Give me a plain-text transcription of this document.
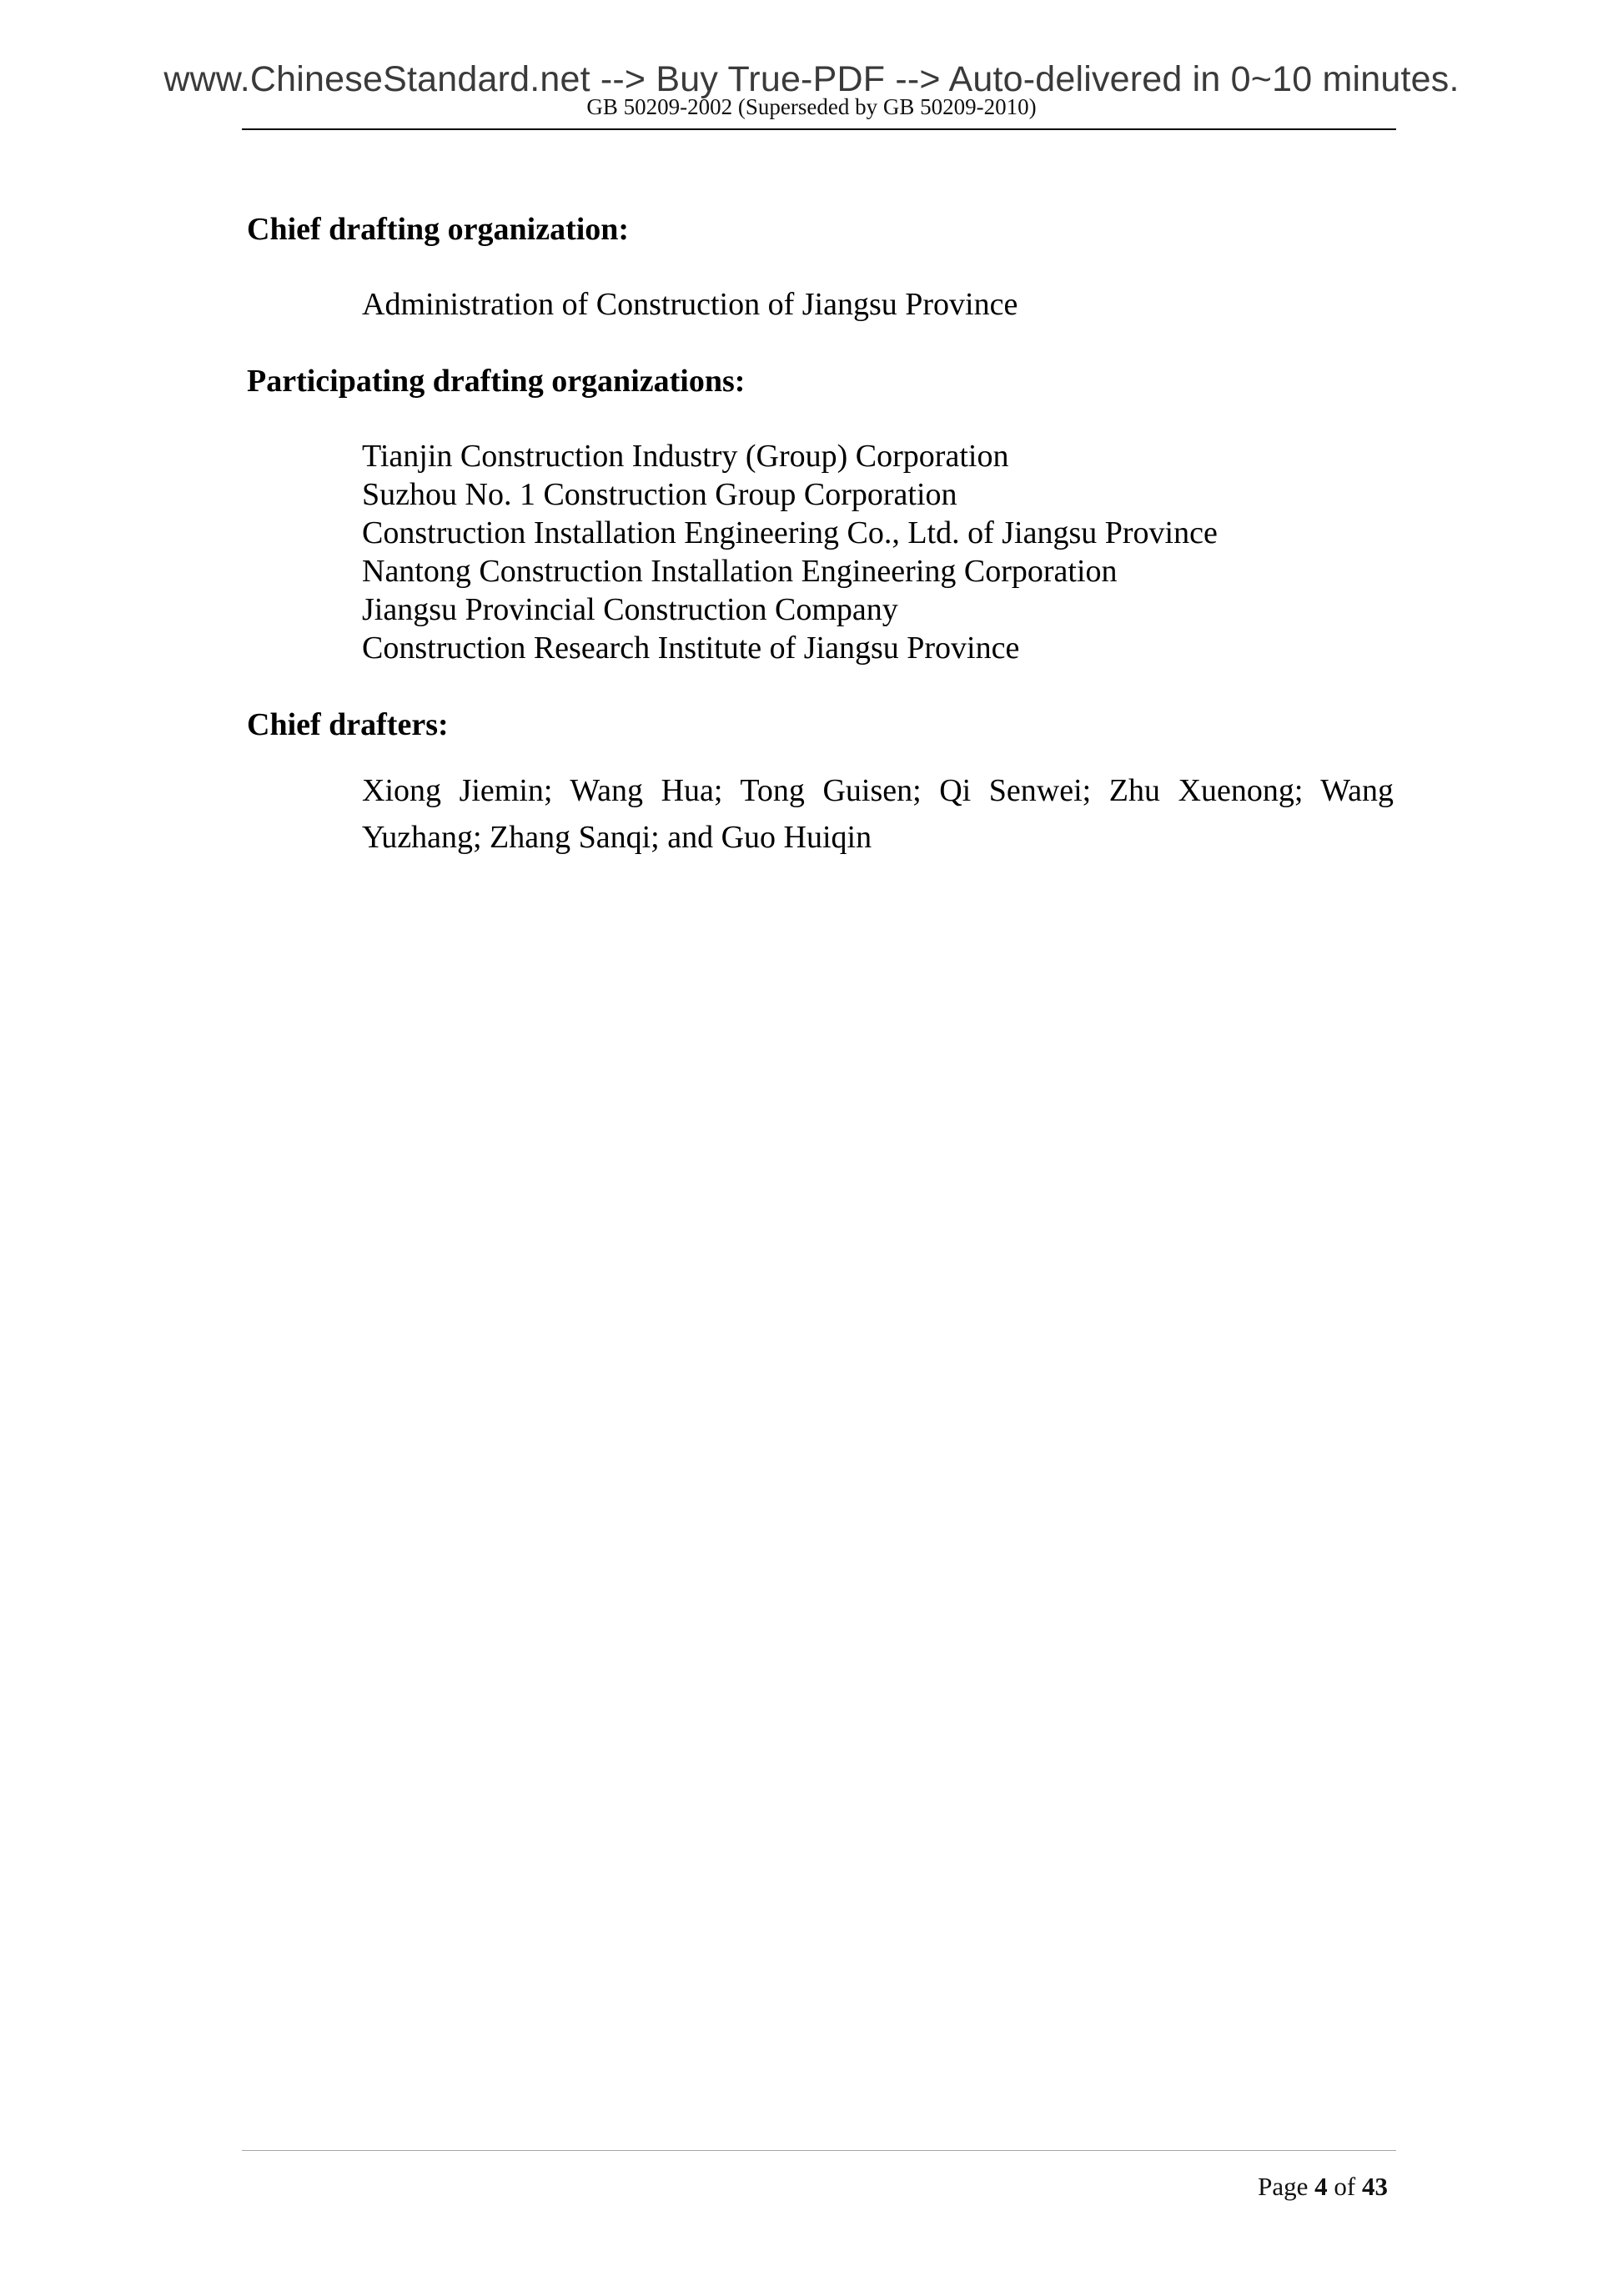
www.ChineseStandard.net --> Buy True-PDF --> Auto-delivered in 0~10 minutes.
GB 50209-2002 (Superseded by GB 50209-2010)

Chief drafting organization:

Administration of Construction of Jiangsu Province

Participating drafting organizations:

Tianjin Construction Industry (Group) Corporation
Suzhou No. 1 Construction Group Corporation
Construction Installation Engineering Co., Ltd. of Jiangsu Province
Nantong Construction Installation Engineering Corporation
Jiangsu Provincial Construction Company
Construction Research Institute of Jiangsu Province

Chief drafters:

Xiong Jiemin; Wang Hua; Tong Guisen; Qi Senwei; Zhu Xuenong; Wang Yuzhang; Zhang Sanqi; and Guo Huiqin
Page 4 of 43
